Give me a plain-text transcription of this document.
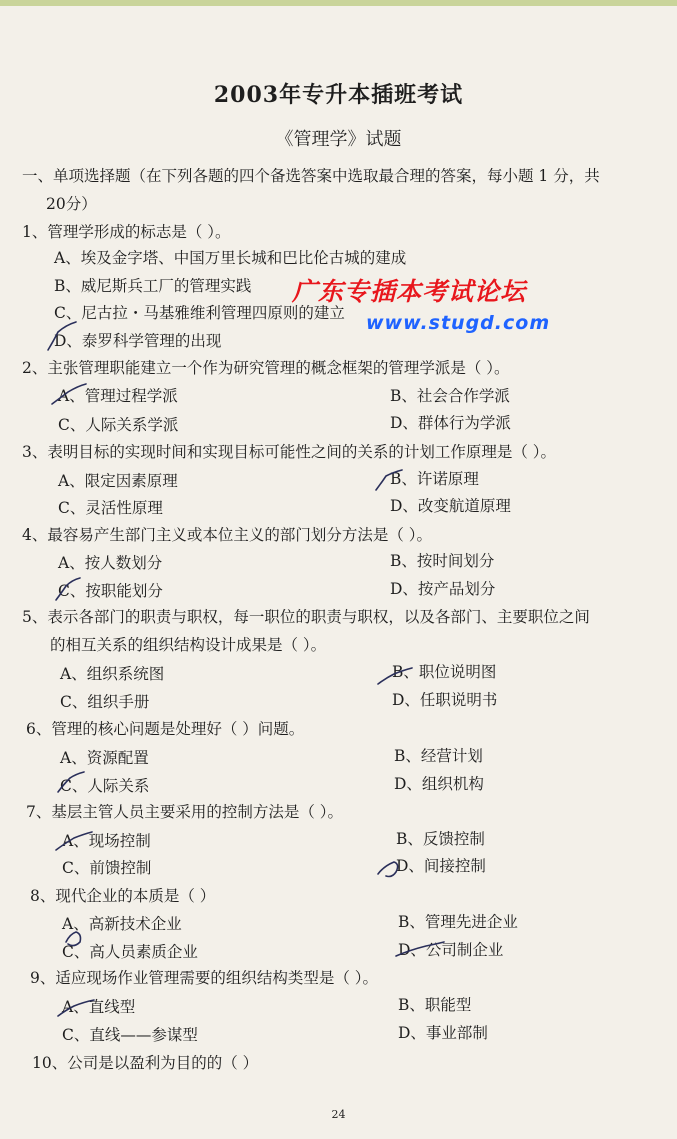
2003年专升本插班考试
《管理学》试题
一、单项选择题（在下列各题的四个备选答案中选取最合理的答案，每小题 1 分，共
20分）
1、管理学形成的标志是（ ）。
A、埃及金字塔、中国万里长城和巴比伦古城的建成
B、威尼斯兵工厂的管理实践
C、尼古拉・马基雅维利管理四原则的建立
D、泰罗科学管理的出现
2、主张管理职能建立一个作为研究管理的概念框架的管理学派是（ ）。
A、管理过程学派	B、社会合作学派
C、人际关系学派	D、群体行为学派
3、表明目标的实现时间和实现目标可能性之间的关系的计划工作原理是（ ）。
A、限定因素原理	B、许诺原理
C、灵活性原理	D、改变航道原理
4、最容易产生部门主义或本位主义的部门划分方法是（ ）。
A、按人数划分	B、按时间划分
C、按职能划分	D、按产品划分
5、表示各部门的职责与职权，每一职位的职责与职权，以及各部门、主要职位之间
的相互关系的组织结构设计成果是（ ）。
A、组织系统图	B、职位说明图
C、组织手册	D、任职说明书
6、管理的核心问题是处理好（ ）问题。
A、资源配置	B、经营计划
C、人际关系	D、组织机构
7、基层主管人员主要采用的控制方法是（ ）。
A、现场控制	B、反馈控制
C、前馈控制	D、间接控制
8、现代企业的本质是（ ）
A、高新技术企业	B、管理先进企业
C、高人员素质企业	D、公司制企业
9、适应现场作业管理需要的组织结构类型是（ ）。
A、直线型	B、职能型
C、直线——参谋型	D、事业部制
10、公司是以盈利为目的的（ ）
广东专插本考试论坛
www.stugd.com
24
